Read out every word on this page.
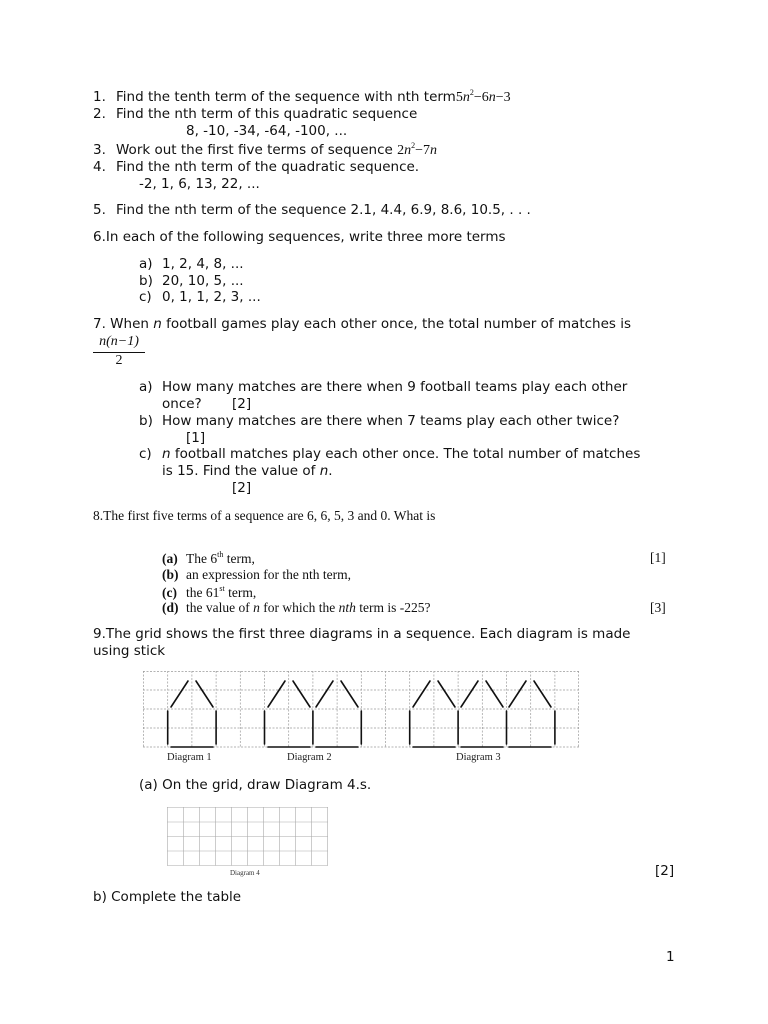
1. Find the tenth term of the sequence with nth $term5n^2-6n-3$
2. Find the nth term of this quadratic sequence
8, -10, -34, -64, -100, ...
3. Work out the first five terms of sequence $2n^2-7n$
4. Find the nth term of the quadratic sequence.
-2, 1, 6, 13, 22, ...
5. Find the nth term of the sequence 2.1, 4.4, 6.9, 8.6, 10.5, . . .
6.In each of the following sequences, write three more terms
a) 1, 2, 4, 8, ...
b) 20, 10, 5, ...
c) 0, 1, 1, 2, 3, ...
7. When n football games play each other once, the total number of matches is
n(n−1)
2
a) How many matches are there when 9 football teams play each other
once? [2]
b) How many matches are there when 7 teams play each other twice?
[1]
c) n football matches play each other once. The total number of matches
is 15. Find the value of n.
[2]
8.The first five terms of a sequence are 6, 6, 5, 3 and 0. What is
(a) The 6th term,	[1]
(b) an expression for the nth term,
(c) the 61st term,
(d) the value of n for which the nth term is -225?	[3]
9.The grid shows the first three diagrams in a sequence. Each diagram is made
using stick
Diagram 1	Diagram 2	Diagram 3
(a) On the grid, draw Diagram 4.s.
Diagram 4	[2]
b) Complete the table
1
